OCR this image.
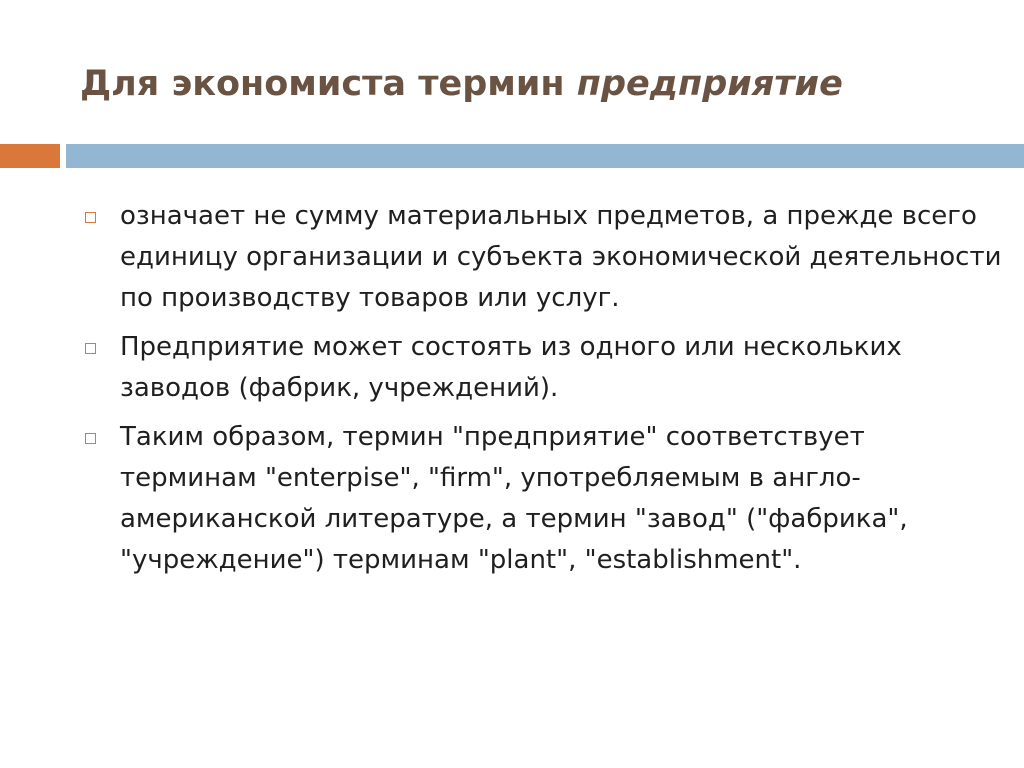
Для экономиста термин предприятие
означает не сумму материальных предметов, а прежде всего единицу организации и субъекта экономической деятельности по производству товаров или услуг.
Предприятие может состоять из одного или нескольких заводов (фабрик, учреждений).
Таким образом, термин "предприятие" соответствует терминам "enterpise", "firm", употребляемым в англо-американской литературе, а термин "завод" ("фабрика", "учреждение") терминам "plant", "establishment".
